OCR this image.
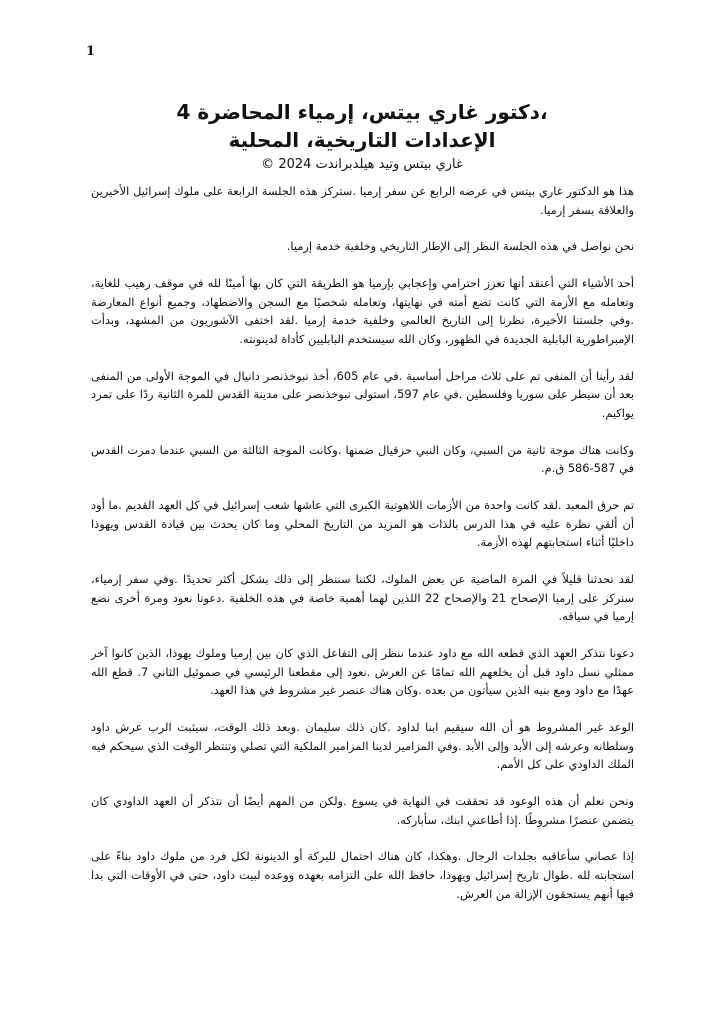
1
،دكتور غاري بيتس، إرمياء المحاضرة 4
الإعدادات التاريخية، المحلية
غاري بيتس وتيد هيلدبراندت 2024 ©

هذا هو الدكتور غاري بيتس في عرضه الرابع عن سفر إرميا .ستركز هذه الجلسة الرابعة على ملوك إسرائيل الأخيرين والعلاقة بسفر إرميا.

نحن نواصل في هذه الجلسة النظر إلى الإطار التاريخي وخلفية خدمة إرميا.

أحد الأشياء التي أعتقد أنها تعزز احترامي وإعجابي بإرميا هو الطريقة التي كان بها أمينًا لله في موقف رهيب للغاية، وتعامله مع الأزمة التي كانت تضع أمته في نهايتها، وتعامله شخصيًا مع السجن والاضطهاد، وجميع أنواع المعارضة .وفي جلستنا الأخيرة، نظرنا إلى التاريخ العالمي وخلفية خدمة إرميا .لقد اختفى الآشوريون من المشهد، وبدأت الإمبراطورية البابلية الجديدة في الظهور، وكان الله سيستخدم البابليين كأداة لدينونته.

لقد رأينا أن المنفى تم على ثلاث مراحل أساسية .في عام 605، أخذ نبوخذنصر دانيال في الموجة الأولى من المنفى بعد أن سيطر على سوريا وفلسطين .في عام 597، استولى نبوخذنصر على مدينة القدس للمرة الثانية ردًا على تمرد يواكيم.

وكانت هناك موجة ثانية من السبي، وكان النبي حزقيال ضمنها .وكانت الموجة الثالثة من السبي عندما دمرت القدس في 587-586 ق.م.

تم حرق المعبد .لقد كانت واحدة من الأزمات اللاهوتية الكبرى التي عاشها شعب إسرائيل في كل العهد القديم .ما أود أن ألقي نظرة عليه في هذا الدرس بالذات هو المزيد من التاريخ المحلي وما كان يحدث بين قيادة القدس ويهوذا داخليًا أثناء استجابتهم لهذه الأزمة.

لقد تحدثنا قليلاً في المرة الماضية عن بعض الملوك، لكننا سننظر إلى ذلك بشكل أكثر تحديدًا .وفي سفر إرمياء، سنركز على إرميا الإصحاح 21 والإصحاح 22 اللذين لهما أهمية خاصة في هذه الخلفية .دعونا نعود ومرة أخرى نضع إرميا في سياقه.

دعونا نتذكر العهد الذي قطعه الله مع داود عندما ننظر إلى التفاعل الذي كان بين إرميا وملوك يهوذا، الذين كانوا آخر ممثلي نسل داود قبل أن يخلعهم الله تمامًا عن العرش .نعود إلى مقطعنا الرئيسي في صموئيل الثاني 7. قطع الله عهدًا مع داود ومع بنيه الذين سيأتون من بعده .وكان هناك عنصر غير مشروط في هذا العهد.

الوعد غير المشروط هو أن الله سيقيم ابنا لداود .كان ذلك سليمان .وبعد ذلك الوقت، سيثبت الرب عرش داود وسلطانه وعرشه إلى الأبد وإلى الأبد .وفي المزامير لدينا المزامير الملكية التي تصلي وتنتظر الوقت الذي سيحكم فيه الملك الداودي على كل الأمم.

ونحن نعلم أن هذه الوعود قد تحققت في النهاية في يسوع .ولكن من المهم أيضًا أن نتذكر أن العهد الداودي كان يتضمن عنصرًا مشروطًا .إذا أطاعني ابنك، سأباركه.

إذا عصاني سأعاقبه بجلدات الرجال .وهكذا، كان هناك احتمال للبركة أو الدينونة لكل فرد من ملوك داود بناءً على استجابته لله .طوال تاريخ إسرائيل ويهوذا، حافظ الله على التزامه بعهده ووعده لبيت داود، حتى في الأوقات التي بدا فيها أنهم يستحقون الإزالة من العرش.
